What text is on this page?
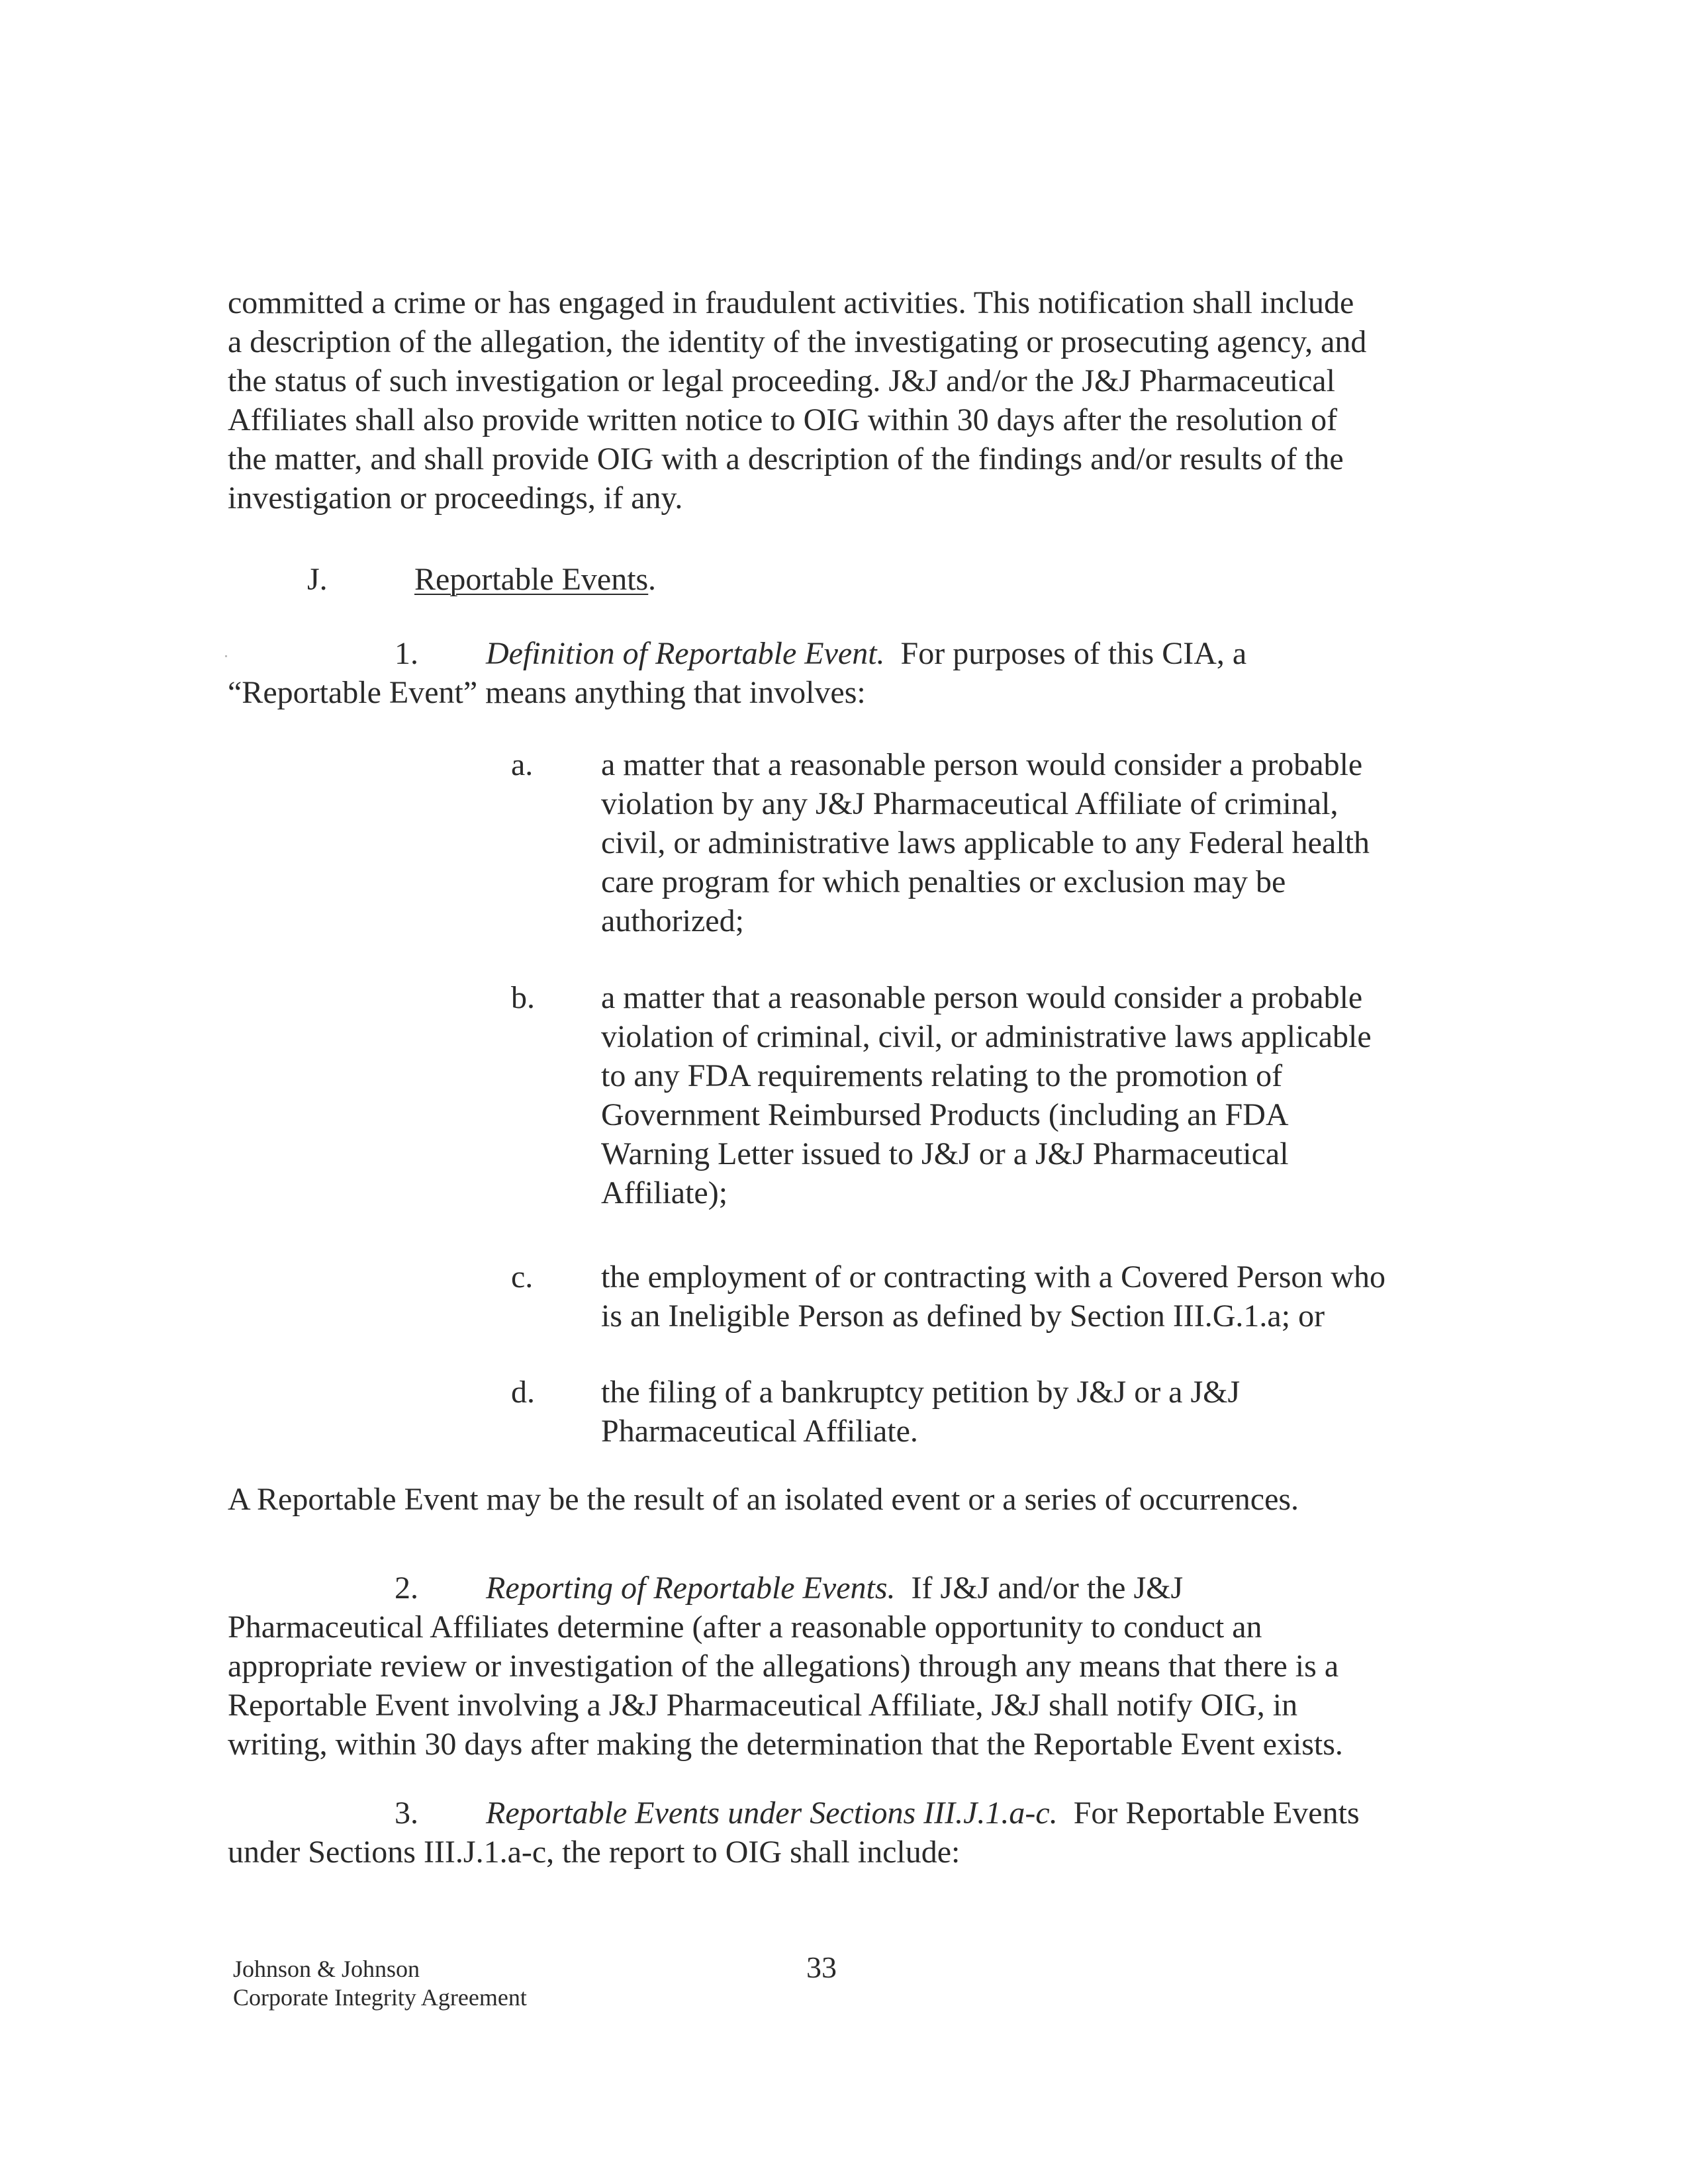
committed a crime or has engaged in fraudulent activities. This notification shall include
a description of the allegation, the identity of the investigating or prosecuting agency, and
the status of such investigation or legal proceeding. J&J and/or the J&J Pharmaceutical
Affiliates shall also provide written notice to OIG within 30 days after the resolution of
the matter, and shall provide OIG with a description of the findings and/or results of the
investigation or proceedings, if any.
J.	Reportable Events .
1. Definition of Reportable Event.  For purposes of this CIA, a
“Reportable Event” means anything that involves:
a.	a matter that a reasonable person would consider a probable
violation by any J&J Pharmaceutical Affiliate of criminal,
civil, or administrative laws applicable to any Federal health
care program for which penalties or exclusion may be
authorized;
b.	a matter that a reasonable person would consider a probable
violation of criminal, civil, or administrative laws applicable
to any FDA requirements relating to the promotion of
Government Reimbursed Products (including an FDA
Warning Letter issued to J&J or a J&J Pharmaceutical
Affiliate);
c.	the employment of or contracting with a Covered Person who
is an Ineligible Person as defined by Section III.G.1.a; or
d.	the filing of a bankruptcy petition by J&J or a J&J
Pharmaceutical Affiliate.
A Reportable Event may be the result of an isolated event or a series of occurrences.
2. Reporting of Reportable Events.  If J&J and/or the J&J
Pharmaceutical Affiliates determine (after a reasonable opportunity to conduct an
appropriate review or investigation of the allegations) through any means that there is a
Reportable Event involving a J&J Pharmaceutical Affiliate, J&J shall notify OIG, in
writing, within 30 days after making the determination that the Reportable Event exists.
3. Reportable Events under Sections III.J.1.a-c.  For Reportable Events
under Sections III.J.1.a-c, the report to OIG shall include:
Johnson & Johnson
Corporate Integrity Agreement
33
